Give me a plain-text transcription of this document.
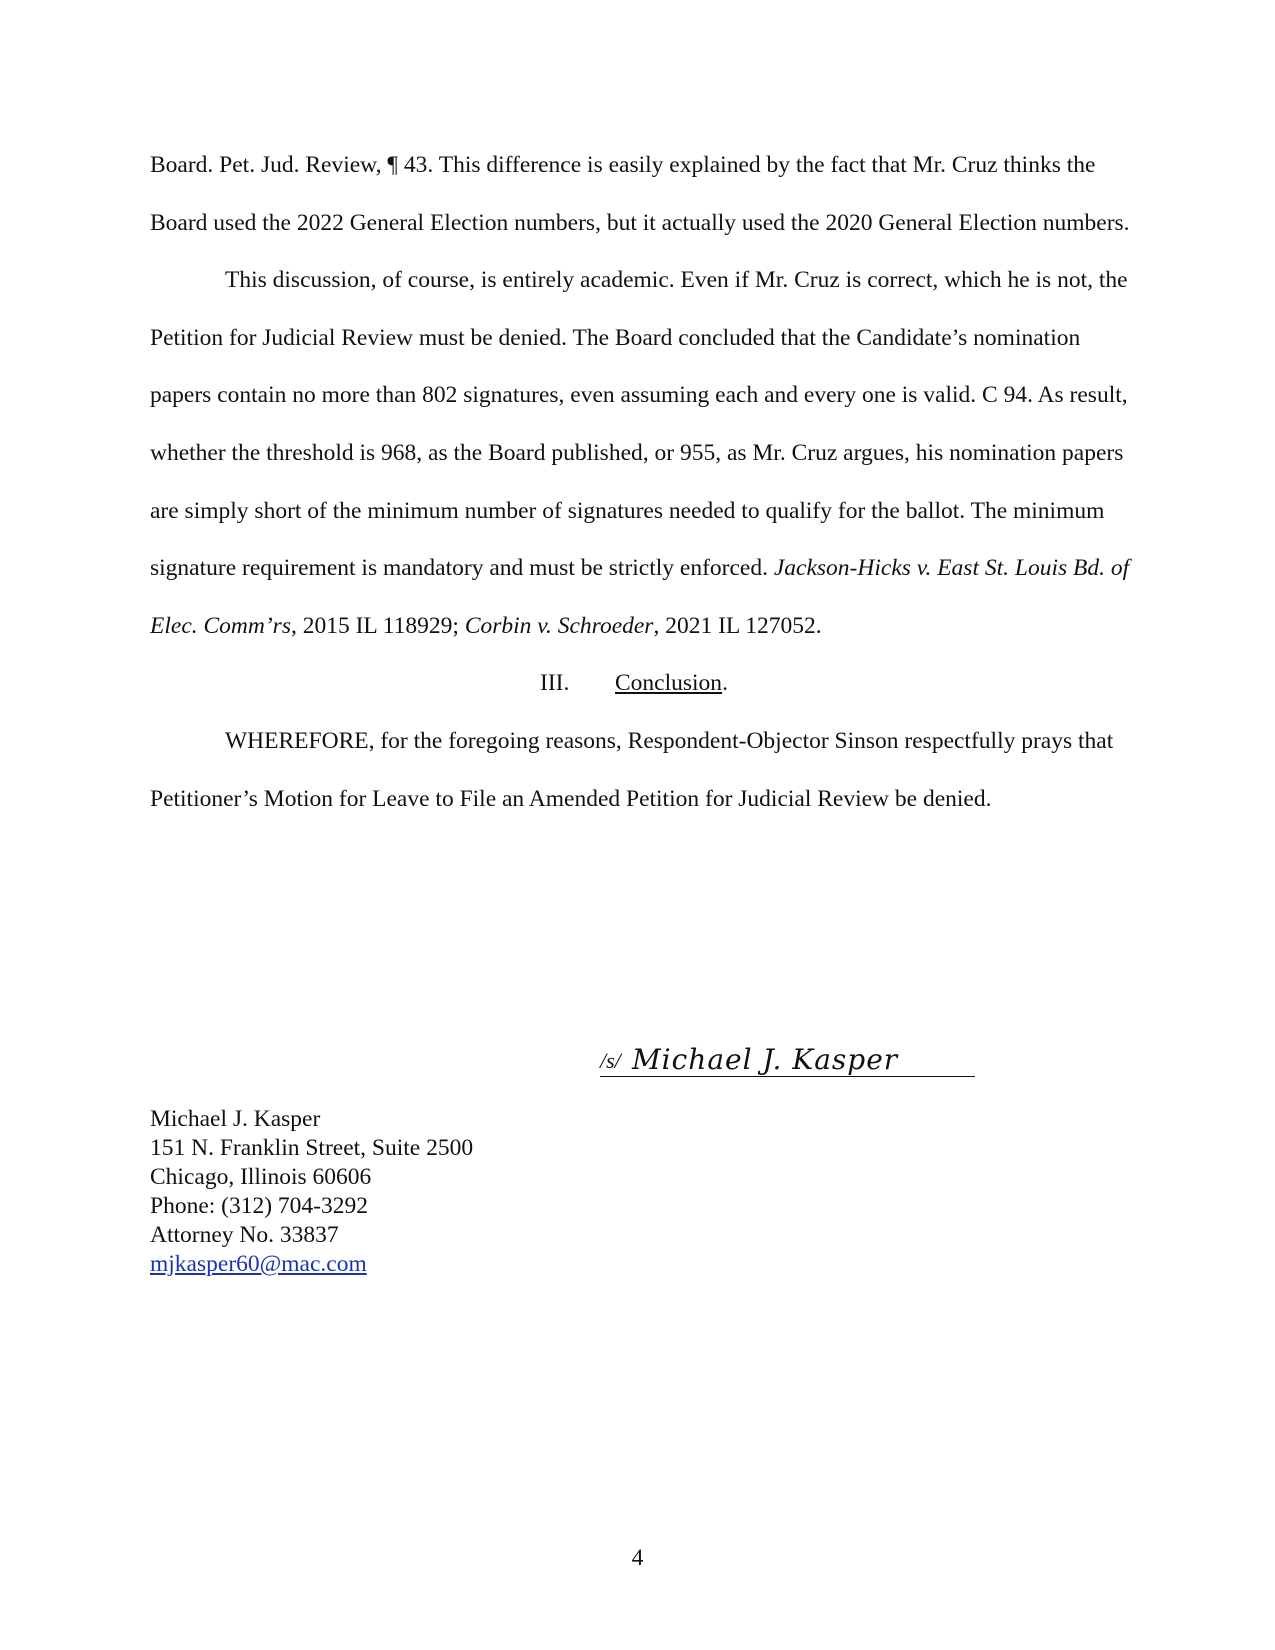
Board. Pet. Jud. Review, ¶ 43. This difference is easily explained by the fact that Mr. Cruz thinks the Board used the 2022 General Election numbers, but it actually used the 2020 General Election numbers.

This discussion, of course, is entirely academic. Even if Mr. Cruz is correct, which he is not, the Petition for Judicial Review must be denied. The Board concluded that the Candidate’s nomination papers contain no more than 802 signatures, even assuming each and every one is valid. C 94. As result, whether the threshold is 968, as the Board published, or 955, as Mr. Cruz argues, his nomination papers are simply short of the minimum number of signatures needed to qualify for the ballot. The minimum signature requirement is mandatory and must be strictly enforced. Jackson-Hicks v. East St. Louis Bd. of Elec. Comm’rs, 2015 IL 118929; Corbin v. Schroeder, 2021 IL 127052.

III. Conclusion.

WHEREFORE, for the foregoing reasons, Respondent-Objector Sinson respectfully prays that Petitioner’s Motion for Leave to File an Amended Petition for Judicial Review be denied.

/s/ Michael J. Kasper
Michael J. Kasper
151 N. Franklin Street, Suite 2500
Chicago, Illinois 60606
Phone: (312) 704-3292
Attorney No. 33837
mjkasper60@mac.com
4
